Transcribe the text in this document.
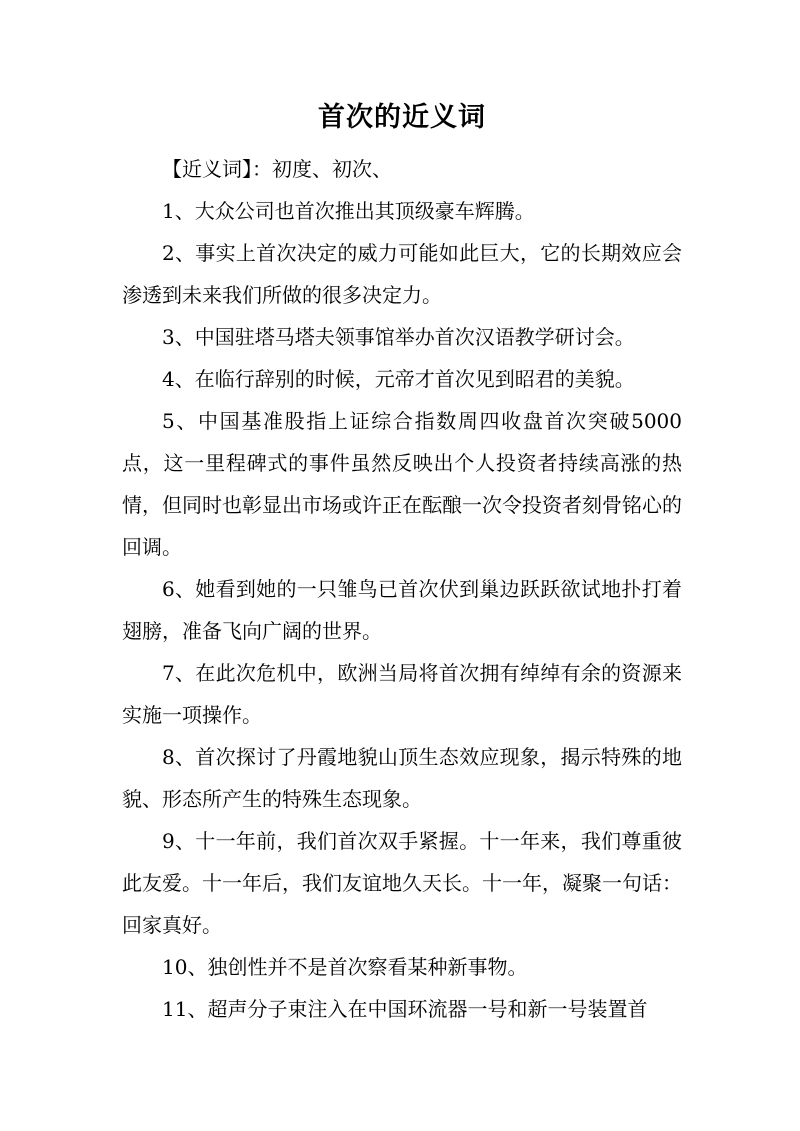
首次的近义词

【近义词】：初度、初次、

1、大众公司也首次推出其顶级豪车辉腾。

2、事实上首次决定的威力可能如此巨大，它的长期效应会渗透到未来我们所做的很多决定力。

3、中国驻塔马塔夫领事馆举办首次汉语教学研讨会。

4、在临行辞别的时候，元帝才首次见到昭君的美貌。

5、中国基准股指上证综合指数周四收盘首次突破5000点，这一里程碑式的事件虽然反映出个人投资者持续高涨的热情，但同时也彰显出市场或许正在酝酿一次令投资者刻骨铭心的回调。

6、她看到她的一只雏鸟已首次伏到巢边跃跃欲试地扑打着翅膀，准备飞向广阔的世界。

7、在此次危机中，欧洲当局将首次拥有绰绰有余的资源来实施一项操作。

8、首次探讨了丹霞地貌山顶生态效应现象，揭示特殊的地貌、形态所产生的特殊生态现象。

9、十一年前，我们首次双手紧握。十一年来，我们尊重彼此友爱。十一年后，我们友谊地久天长。十一年，凝聚一句话：回家真好。

10、独创性并不是首次察看某种新事物。

11、超声分子束注入在中国环流器一号和新一号装置首
